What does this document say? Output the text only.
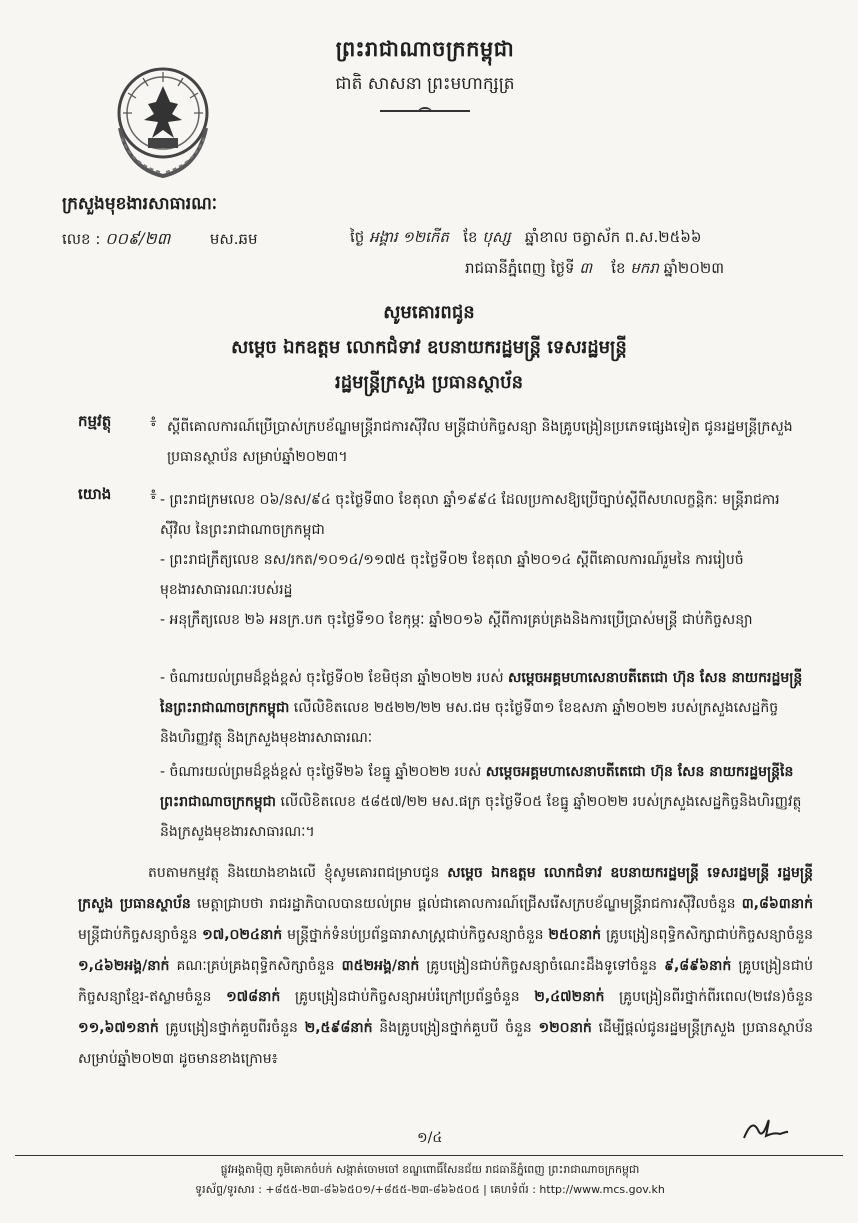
ព្រះរាជាណាចក្រកម្ពុជា
ជាតិ សាសនា ព្រះមហាក្សត្រ
ក្រសួងមុខងារសាធារណៈ
លេខ : ០០៩/២៣	មស.ឆម	ថ្ងៃ អង្គារ ១២កើត ខែ បុស្ស ឆ្នាំខាល ចត្វាស័ក ព.ស.២៥៦៦
រាជធានីភ្នំពេញ ថ្ងៃទី ៣ ខែ មករា ឆ្នាំ២០២៣
សូមគោរពជូន
សម្តេច ឯកឧត្តម លោកជំទាវ ឧបនាយករដ្ឋមន្ត្រី ទេសរដ្ឋមន្ត្រី
រដ្ឋមន្ត្រីក្រសួង ប្រធានស្ថាប័ន
កម្មវត្ថុ	៖ ស្តីពីគោលការណ៍ប្រើប្រាស់ក្របខ័ណ្ឌមន្ត្រីរាជការស៊ីវិល មន្ត្រីជាប់កិច្ចសន្យា និងគ្រូបង្រៀនប្រភេទផ្សេងទៀត ជូនរដ្ឋមន្ត្រីក្រសួង ប្រធានស្ថាប័ន សម្រាប់ឆ្នាំ២០២៣។
យោង	៖ - ព្រះរាជក្រមលេខ ០៦/នស/៩៤ ចុះថ្ងៃទី៣០ ខែតុលា ឆ្នាំ១៩៩៤ ដែលប្រកាសឱ្យប្រើច្បាប់ស្តីពីសហលក្ខន្តិកៈ មន្ត្រីរាជការស៊ីវិល នៃព្រះរាជាណាចក្រកម្ពុជា
- ព្រះរាជក្រឹត្យលេខ នស/រកត/១០១៤/១១៧៥ ចុះថ្ងៃទី០២ ខែតុលា ឆ្នាំ២០១៤ ស្តីពីគោលការណ៍រួមនៃ ការរៀបចំមុខងារសាធារណៈរបស់រដ្ឋ
- អនុក្រឹត្យលេខ ២៦ អនក្រ.បក ចុះថ្ងៃទី១០ ខែកុម្ភៈ ឆ្នាំ២០១៦ ស្តីពីការគ្រប់គ្រងនិងការប្រើប្រាស់មន្ត្រី ជាប់កិច្ចសន្យា
- ចំណារយល់ព្រមដ៏ខ្ពង់ខ្ពស់ ចុះថ្ងៃទី០២ ខែមិថុនា ឆ្នាំ២០២២ របស់ សម្តេចអគ្គមហាសេនាបតីតេជោ ហ៊ុន សែន នាយករដ្ឋមន្ត្រីនៃព្រះរាជាណាចក្រកម្ពុជា លើលិខិតលេខ ២៥២២/២២ មស.ជម ចុះថ្ងៃទី៣១ ខែឧសភា ឆ្នាំ២០២២ របស់ក្រសួងសេដ្ឋកិច្ចនិងហិរញ្ញវត្ថុ និងក្រសួងមុខងារសាធារណៈ
- ចំណារយល់ព្រមដ៏ខ្ពង់ខ្ពស់ ចុះថ្ងៃទី២៦ ខែធ្នូ ឆ្នាំ២០២២ របស់ សម្តេចអគ្គមហាសេនាបតីតេជោ ហ៊ុន សែន នាយករដ្ឋមន្ត្រីនៃព្រះរាជាណាចក្រកម្ពុជា លើលិខិតលេខ ៥៨៥៧/២២ មស.ផក្រ ចុះថ្ងៃទី០៥ ខែធ្នូ ឆ្នាំ២០២២ របស់ក្រសួងសេដ្ឋកិច្ចនិងហិរញ្ញវត្ថុ និងក្រសួងមុខងារសាធារណៈ។
តបតាមកម្មវត្ថុ និងយោងខាងលើ ខ្ញុំសូមគោរពជម្រាបជូន សម្តេច ឯកឧត្តម លោកជំទាវ ឧបនាយករដ្ឋមន្ត្រី ទេសរដ្ឋមន្ត្រី រដ្ឋមន្ត្រីក្រសួង ប្រធានស្ថាប័ន មេត្តាជ្រាបថា រាជរដ្ឋាភិបាលបានយល់ព្រម ផ្តល់ជាគោលការណ៍ជ្រើសរើសក្របខ័ណ្ឌមន្ត្រីរាជការស៊ីវិលចំនួន ៣,៨៦៣នាក់ មន្ត្រីជាប់កិច្ចសន្យាចំនួន ១៧,០២៤នាក់ មន្ត្រីថ្នាក់ទំនប់ប្រព័ន្ធធារាសាស្ត្រជាប់កិច្ចសន្យាចំនួន ២៥០នាក់ គ្រូបង្រៀនពុទ្ធិកសិក្សាជាប់កិច្ចសន្យាចំនួន ១,៤៦២អង្គ/នាក់ គណៈគ្រប់គ្រងពុទ្ធិកសិក្សាចំនួន ៣៥២អង្គ/នាក់ គ្រូបង្រៀនជាប់កិច្ចសន្យាចំណេះដឹងទូទៅចំនួន ៩,៨៩៦នាក់ គ្រូបង្រៀនជាប់កិច្ចសន្យាខ្មែរ-ឥស្លាមចំនួន ១៧៨នាក់ គ្រូបង្រៀនជាប់កិច្ចសន្យាអប់រំក្រៅប្រព័ន្ធចំនួន ២,៤៧២នាក់ គ្រូបង្រៀនពីរថ្នាក់ពីរពេល(២វេន)ចំនួន ១១,៦៧១នាក់ គ្រូបង្រៀនថ្នាក់គួបពីរចំនួន ២,៥៩៨នាក់ និងគ្រូបង្រៀនថ្នាក់គួបបី ចំនួន ១២០នាក់ ដើម្បីផ្តល់ជូនរដ្ឋមន្ត្រីក្រសួង ប្រធានស្ថាប័ន សម្រាប់ឆ្នាំ២០២៣ ដូចមានខាងក្រោម៖
១/៤
ផ្លូវអង្គតាម៉ិញ ភូមិគោកចំបក់ សង្កាត់ចោមចៅ ខណ្ឌពោធិ៍សែនជ័យ រាជធានីភ្នំពេញ ព្រះរាជាណាចក្រកម្ពុជា
ទូរស័ព្ទ/ទូរសារ : +៨៥៥-២៣-៨៦៦៥០១/+៨៥៥-២៣-៨៦៦៥០៥ | គេហទំព័រ : http://www.mcs.gov.kh
